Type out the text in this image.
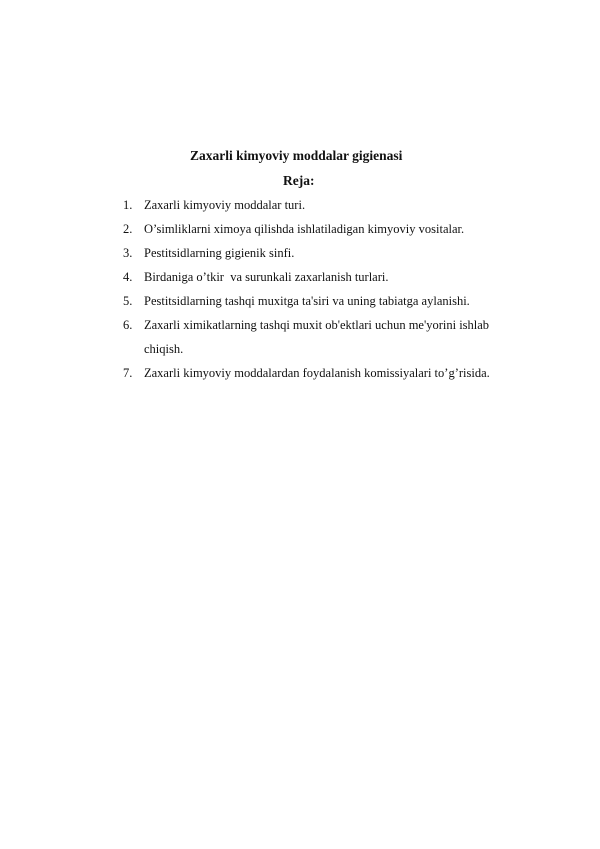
Zaxarli kimyoviy moddalar gigienasi
Reja:
1. Zaxarli kimyoviy moddalar turi.
2. O’simliklarni ximoya qilishda ishlatiladigan kimyoviy vositalar.
3. Pestitsidlarning gigienik sinfi.
4. Birdaniga o’tkir  va surunkali zaxarlanish turlari.
5. Pestitsidlarning tashqi muxitga ta'siri va uning tabiatga aylanishi.
6. Zaxarli ximikatlarning tashqi muxit ob'ektlari uchun me'yorini ishlab chiqish.
7. Zaxarli kimyoviy moddalardan foydalanish komissiyalari to’g’risida.
